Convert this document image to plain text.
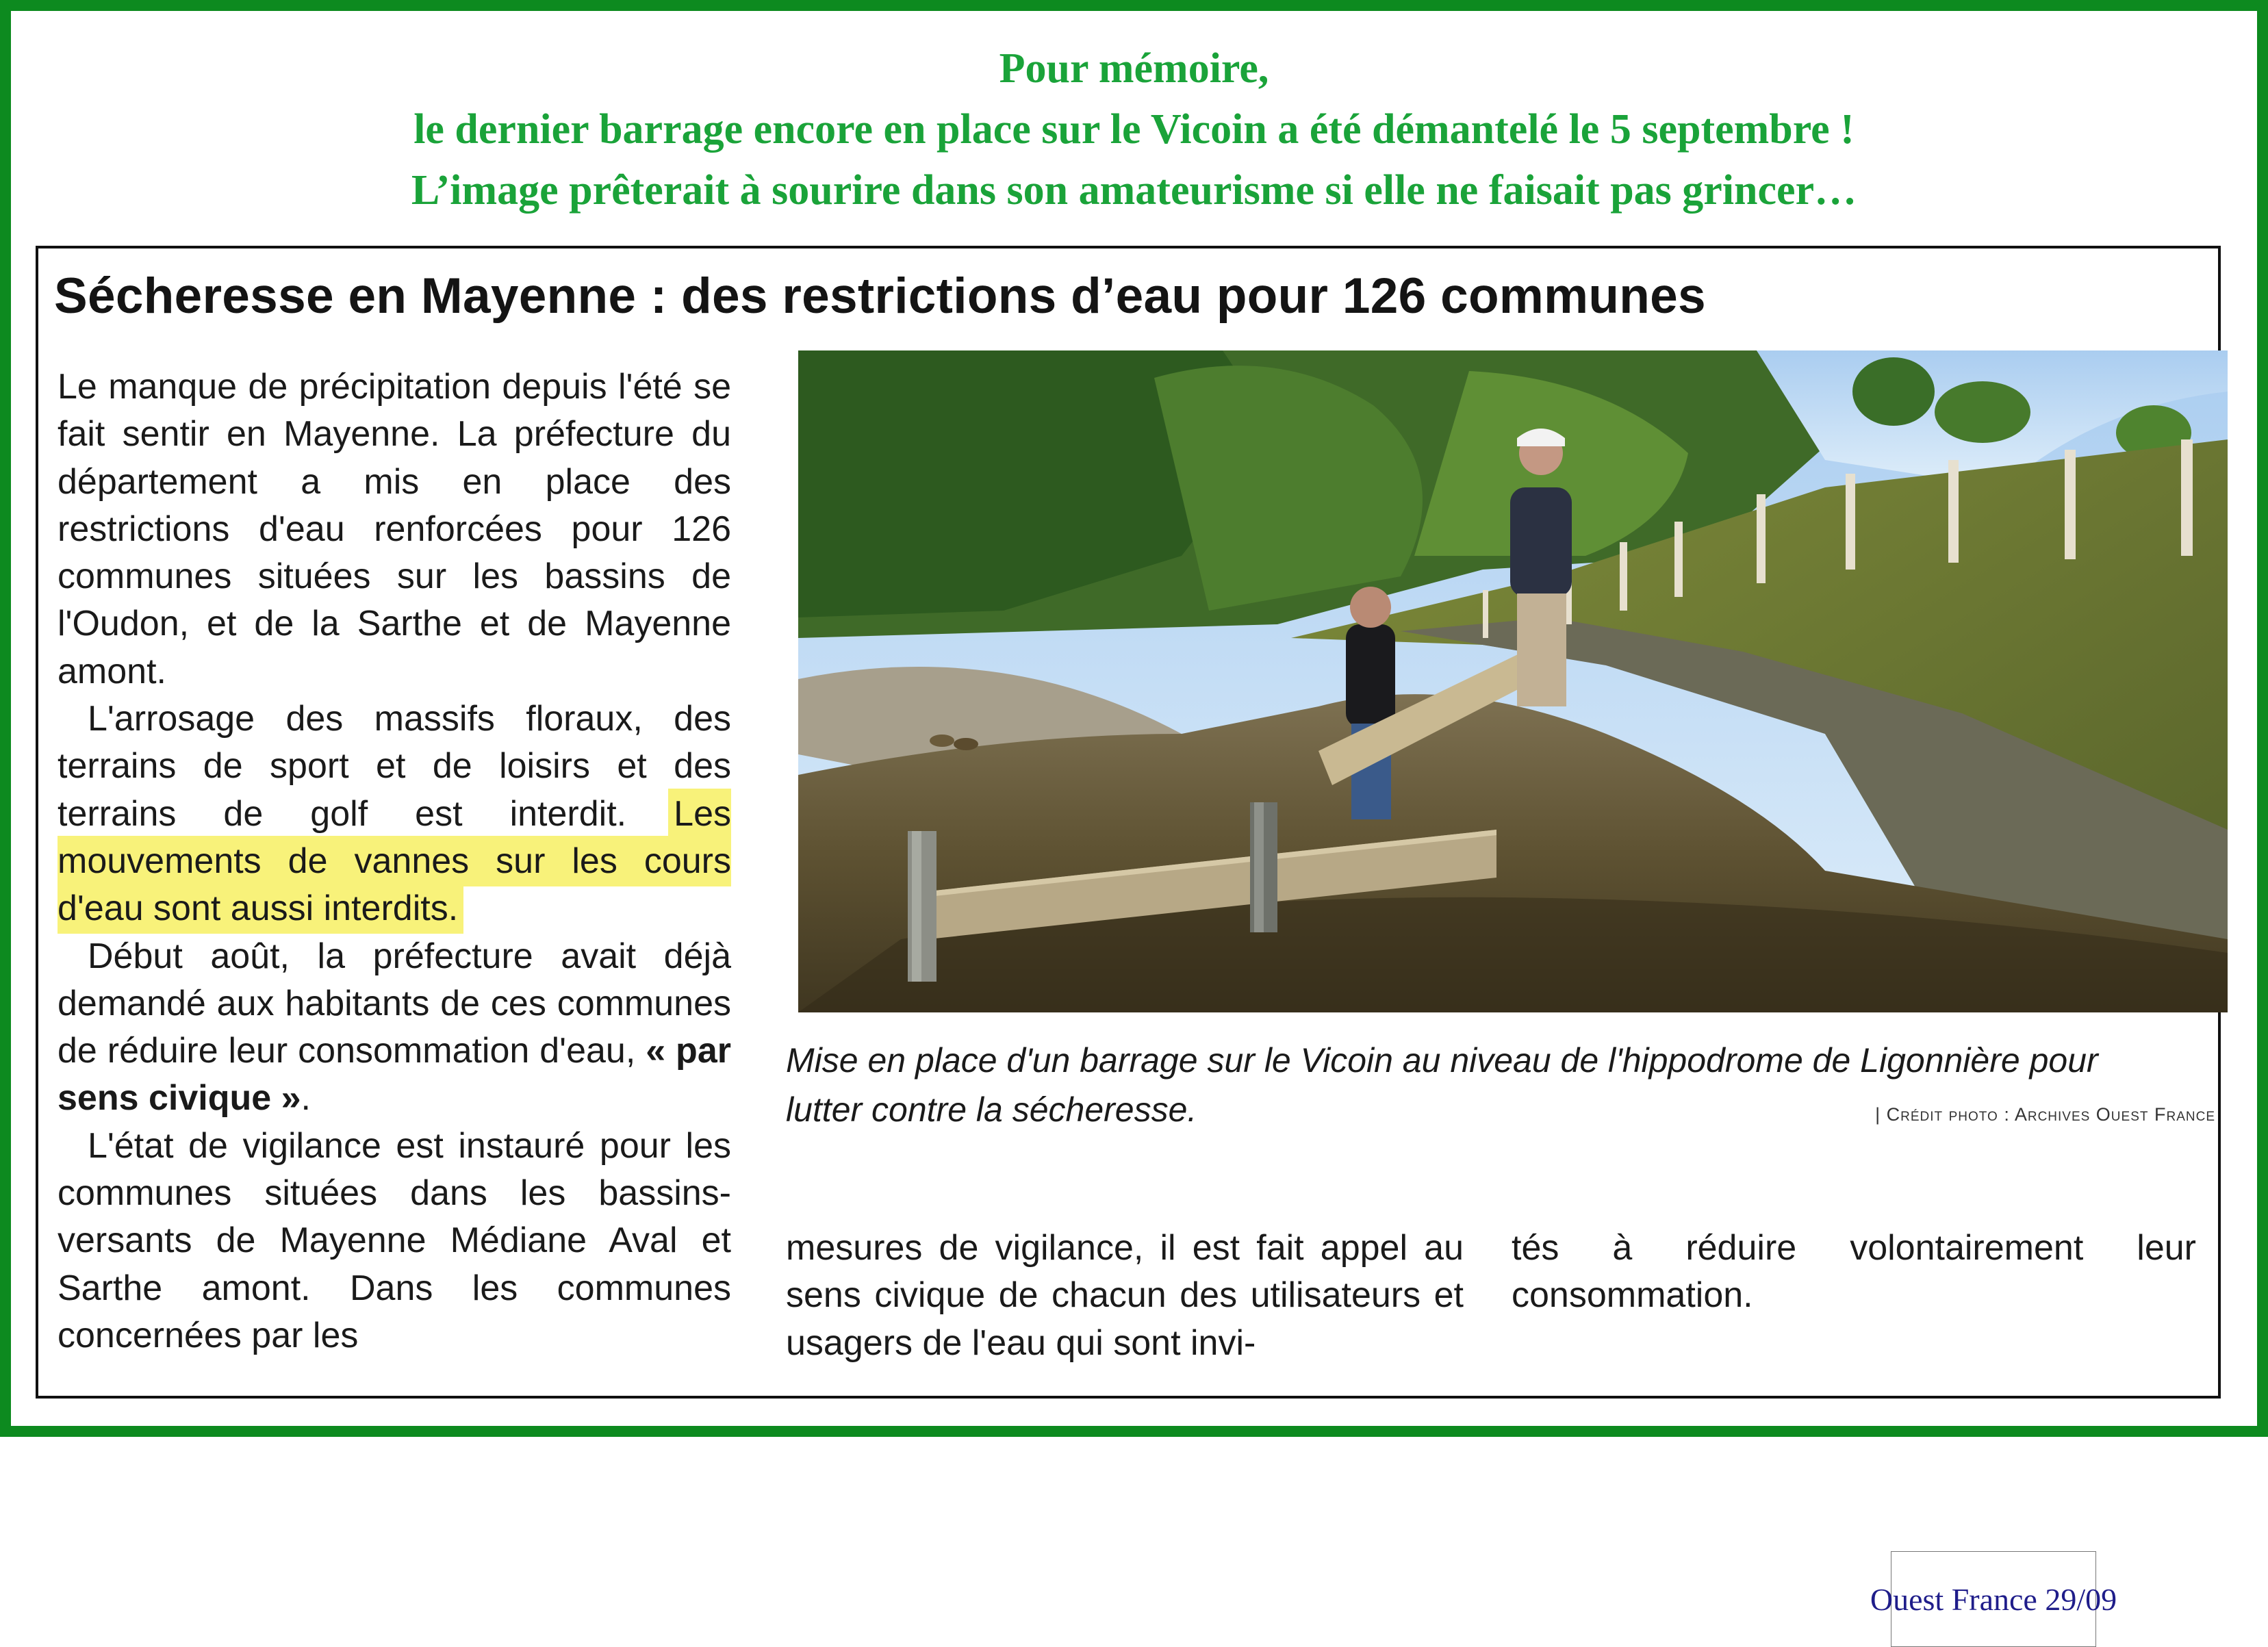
Pour mémoire,
le dernier barrage encore en place sur le Vicoin a été démantelé le 5 septembre !
L’image prêterait à sourire dans son amateurisme si elle ne faisait pas grincer…
Sécheresse en Mayenne : des restrictions d’eau pour 126 communes

Le manque de précipitation depuis l'été se fait sentir en Mayenne. La préfecture du département a mis en place des restrictions d'eau renforcées pour 126 communes situées sur les bassins de l'Oudon, et de la Sarthe et de Mayenne amont.

L'arrosage des massifs floraux, des terrains de sport et de loisirs et des terrains de golf est interdit. Les mouvements de vannes sur les cours d'eau sont aussi interdits.

Début août, la préfecture avait déjà demandé aux habitants de ces communes de réduire leur consommation d'eau, « par sens civique ».

L'état de vigilance est instauré pour les communes situées dans les bassins-versants de Mayenne Médiane Aval et Sarthe amont. Dans les communes concernées par les

Mise en place d'un barrage sur le Vicoin au niveau de l'hippodrome de Ligonnière pour lutter contre la sécheresse.	| Crédit photo : Archives Ouest France
mesures de vigilance, il est fait appel au sens civique de chacun des utilisateurs et usagers de l'eau qui sont invi-
tés à réduire volontairement leur consommation.
Ouest France 29/09
